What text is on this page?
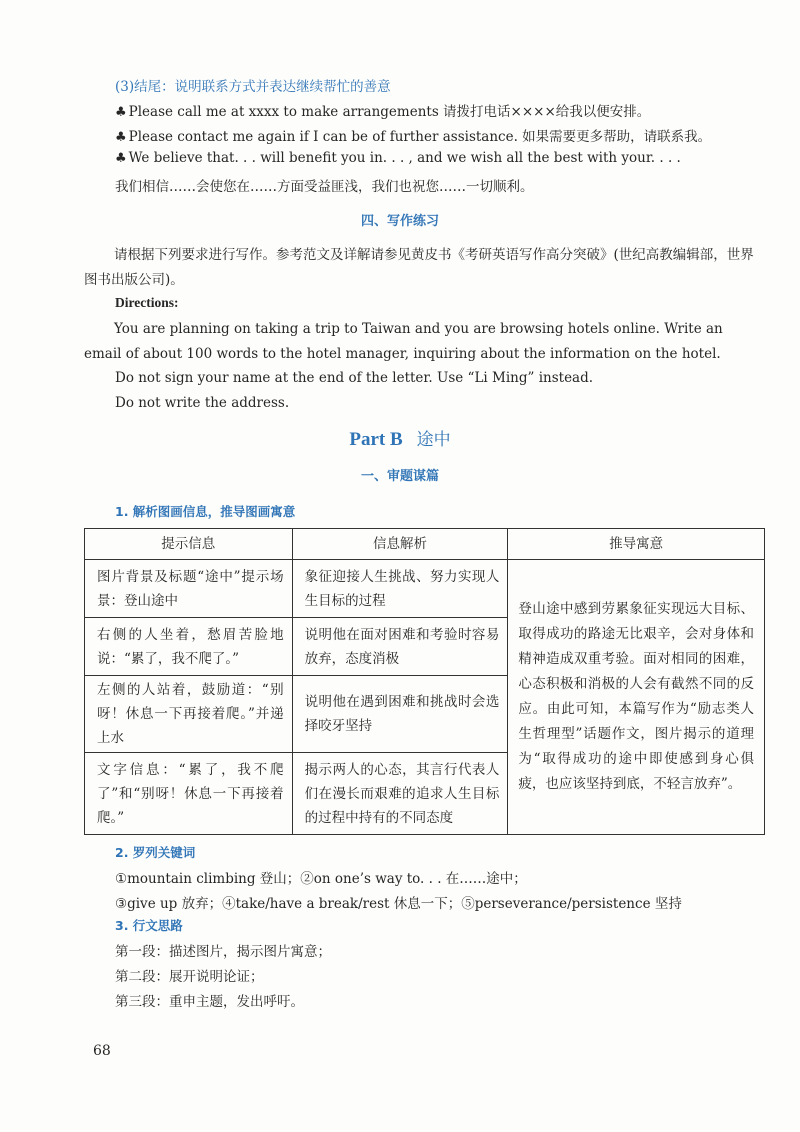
(3)结尾：说明联系方式并表达继续帮忙的善意
♣ Please call me at xxxx to make arrangements 请拨打电话××××给我以便安排。
♣ Please contact me again if I can be of further assistance. 如果需要更多帮助，请联系我。
♣ We believe that. . . will benefit you in. . . , and we wish all the best with your. . . .
我们相信……会使您在……方面受益匪浅，我们也祝您……一切顺利。
四、写作练习
请根据下列要求进行写作。参考范文及详解请参见黄皮书《考研英语写作高分突破》(世纪高教编辑部，世界图书出版公司)。
Directions:
You are planning on taking a trip to Taiwan and you are browsing hotels online. Write an email of about 100 words to the hotel manager, inquiring about the information on the hotel.
Do not sign your name at the end of the letter. Use “Li Ming” instead.
Do not write the address.
Part B 途中
一、审题谋篇
1. 解析图画信息，推导图画寓意
提示信息	信息解析	推导寓意
图片背景及标题“途中”提示场景：登山途中	象征迎接人生挑战、努力实现人生目标的过程	登山途中感到劳累象征实现远大目标、取得成功的路途无比艰辛，会对身体和精神造成双重考验。面对相同的困难，心态积极和消极的人会有截然不同的反应。由此可知，本篇写作为“励志类人生哲理型”话题作文，图片揭示的道理为“取得成功的途中即使感到身心俱疲，也应该坚持到底，不轻言放弃”。
右侧的人坐着，愁眉苦脸地说：“累了，我不爬了。”	说明他在面对困难和考验时容易放弃，态度消极	
左侧的人站着，鼓励道：“别呀！休息一下再接着爬。”并递上水	说明他在遇到困难和挑战时会选择咬牙坚持	
文字信息：“累了，我不爬了”和“别呀！休息一下再接着爬。”	揭示两人的心态，其言行代表人们在漫长而艰难的追求人生目标的过程中持有的不同态度	
2. 罗列关键词
①mountain climbing 登山；②on one’s way to. . . 在……途中；
③give up 放弃；④take/have a break/rest 休息一下；⑤perseverance/persistence 坚持
3. 行文思路
第一段：描述图片，揭示图片寓意；
第二段：展开说明论证；
第三段：重申主题，发出呼吁。
68
